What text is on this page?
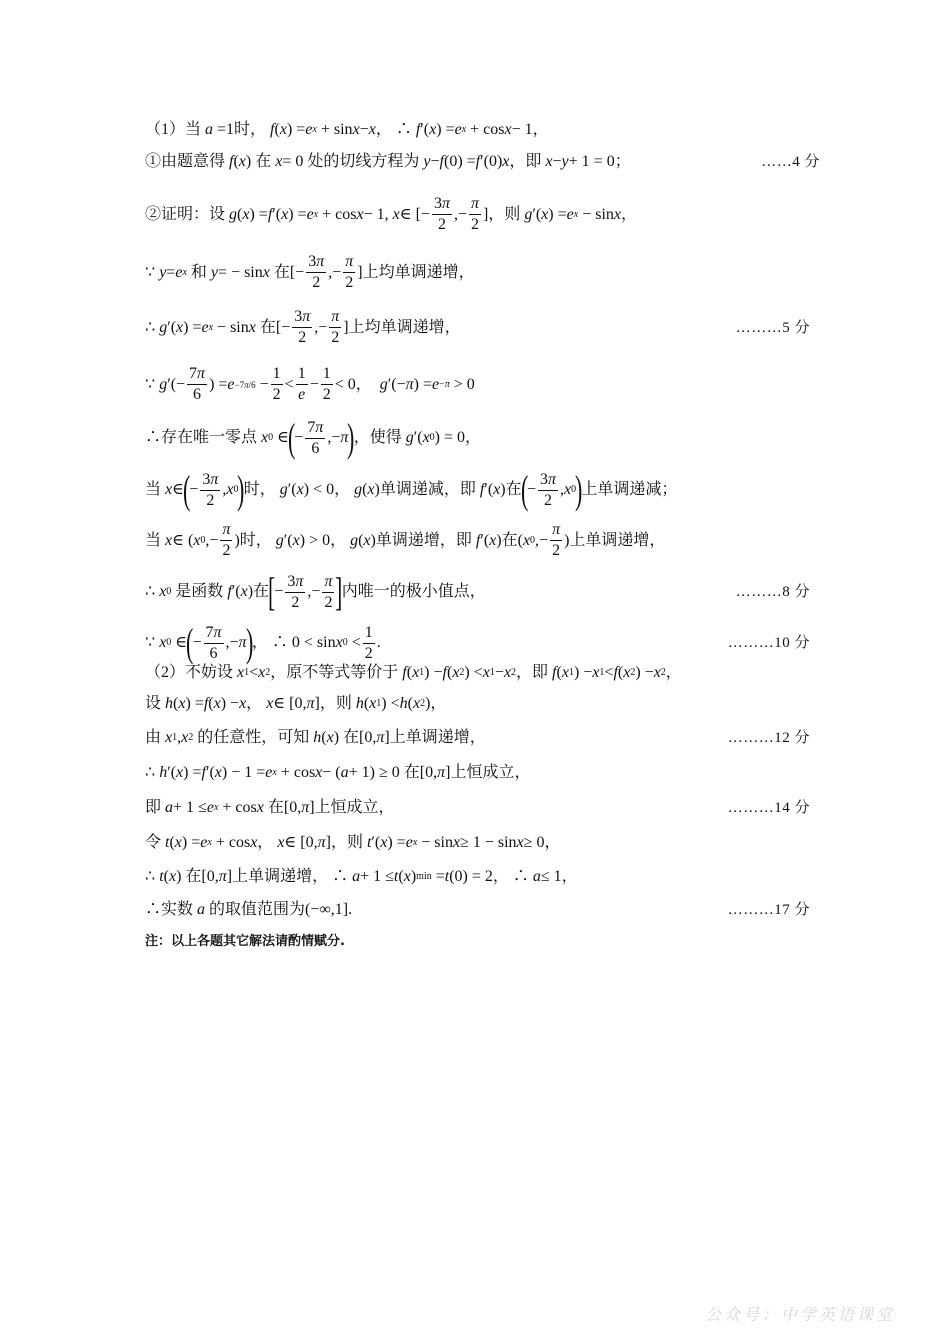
（1）当 a =1时， f ( x ) = e x + sin x − x ， ∴ f ′( x ) = e x + cos x − 1，
①由题意得 f ( x ) 在 x = 0 处的切线方程为 y − f (0) = f ′(0) x ，即 x − y + 1 = 0；	……4 分
②证明：设 g ( x ) = f ′( x ) = e x + cos x − 1, x ∈ [− $\frac{3\pi}{2}$ ,− $\frac{\pi}{2}$ ]，则 g ′( x ) = e x − sin x ，
∵ y = e x 和 y = − sin x 在[− $\frac{3\pi}{2}$ ,− $\frac{\pi}{2}$ ]上均单调递增，
∴ g ′( x ) = e x − sin x 在[− $\frac{3\pi}{2}$ ,− $\frac{\pi}{2}$ ]上均单调递增，	………5 分
∵ g ′(− $\frac{7\pi}{6}$ ) = $e -7\pi/6 - \frac{1}{2} < \frac{1}{e} - \frac{1}{2} < 0$， g ′(− π ) = e −π > 0
∴存在唯一零点 x 0 ∈
(
− $\frac{7\pi}{6}$ ,− π
)
，使得 g ′( x 0 ) = 0，
当 x ∈
(
− $\frac{3\pi}{2}$ , x 0
)
时， g ′( x ) < 0， g ( x )单调递减，即 f ′( x )在
(
− $\frac{3\pi}{2}$ , x 0
)
上单调递减；
当 x ∈ ( x 0 ,− $\frac{\pi}{2}$ )时， g ′( x ) > 0， g ( x )单调递增，即 f ′( x )在( x 0 ,− $\frac{\pi}{2}$ )上单调递增，
∴ x 0 是函数 f ′( x )在
[
− $\frac{3\pi}{2}$ ,− $\frac{\pi}{2}$ ]
内唯一的极小值点，	………8 分
∵ x 0 ∈
(
− $\frac{7\pi}{6}$ ,− π
)
， ∴ 0 < sin x $0 < \frac{1}{2}$ .	………10 分
（2）不妨设 x 1 < x 2 ，原不等式等价于 f ( x 1 ) − f ( x 2 ) < x 1 − x 2 ，即 f ( x 1 ) − x 1 < f ( x 2 ) − x 2 ，
设 h ( x ) = f ( x ) − x ， x ∈ [0, π ]，则 h ( x 1 ) < h ( x 2 )，
由 x 1 , x 2 的任意性，可知 h ( x ) 在[0, π ]上单调递增，	………12 分
∴ h ′( x ) = f ′( x ) − 1 = e x + cos x − ( a + 1) ≥ 0 在[0, π ]上恒成立，
即 a + 1 ≤ e x + cos x 在[0, π ]上恒成立，	………14 分
令 t ( x ) = e x + cos x ， x ∈ [0, π ]，则 t ′( x ) = e x − sin x ≥ 1 − sin x ≥ 0，
∴ t ( x ) 在[0, π ]上单调递增， ∴ a + 1 ≤ t ( x ) min = t (0) = 2， ∴ a ≤ 1，
∴实数 a 的取值范围为(−∞,1].	………17 分
注：以上各题其它解法请酌情赋分.
公众号：中学英语课堂
